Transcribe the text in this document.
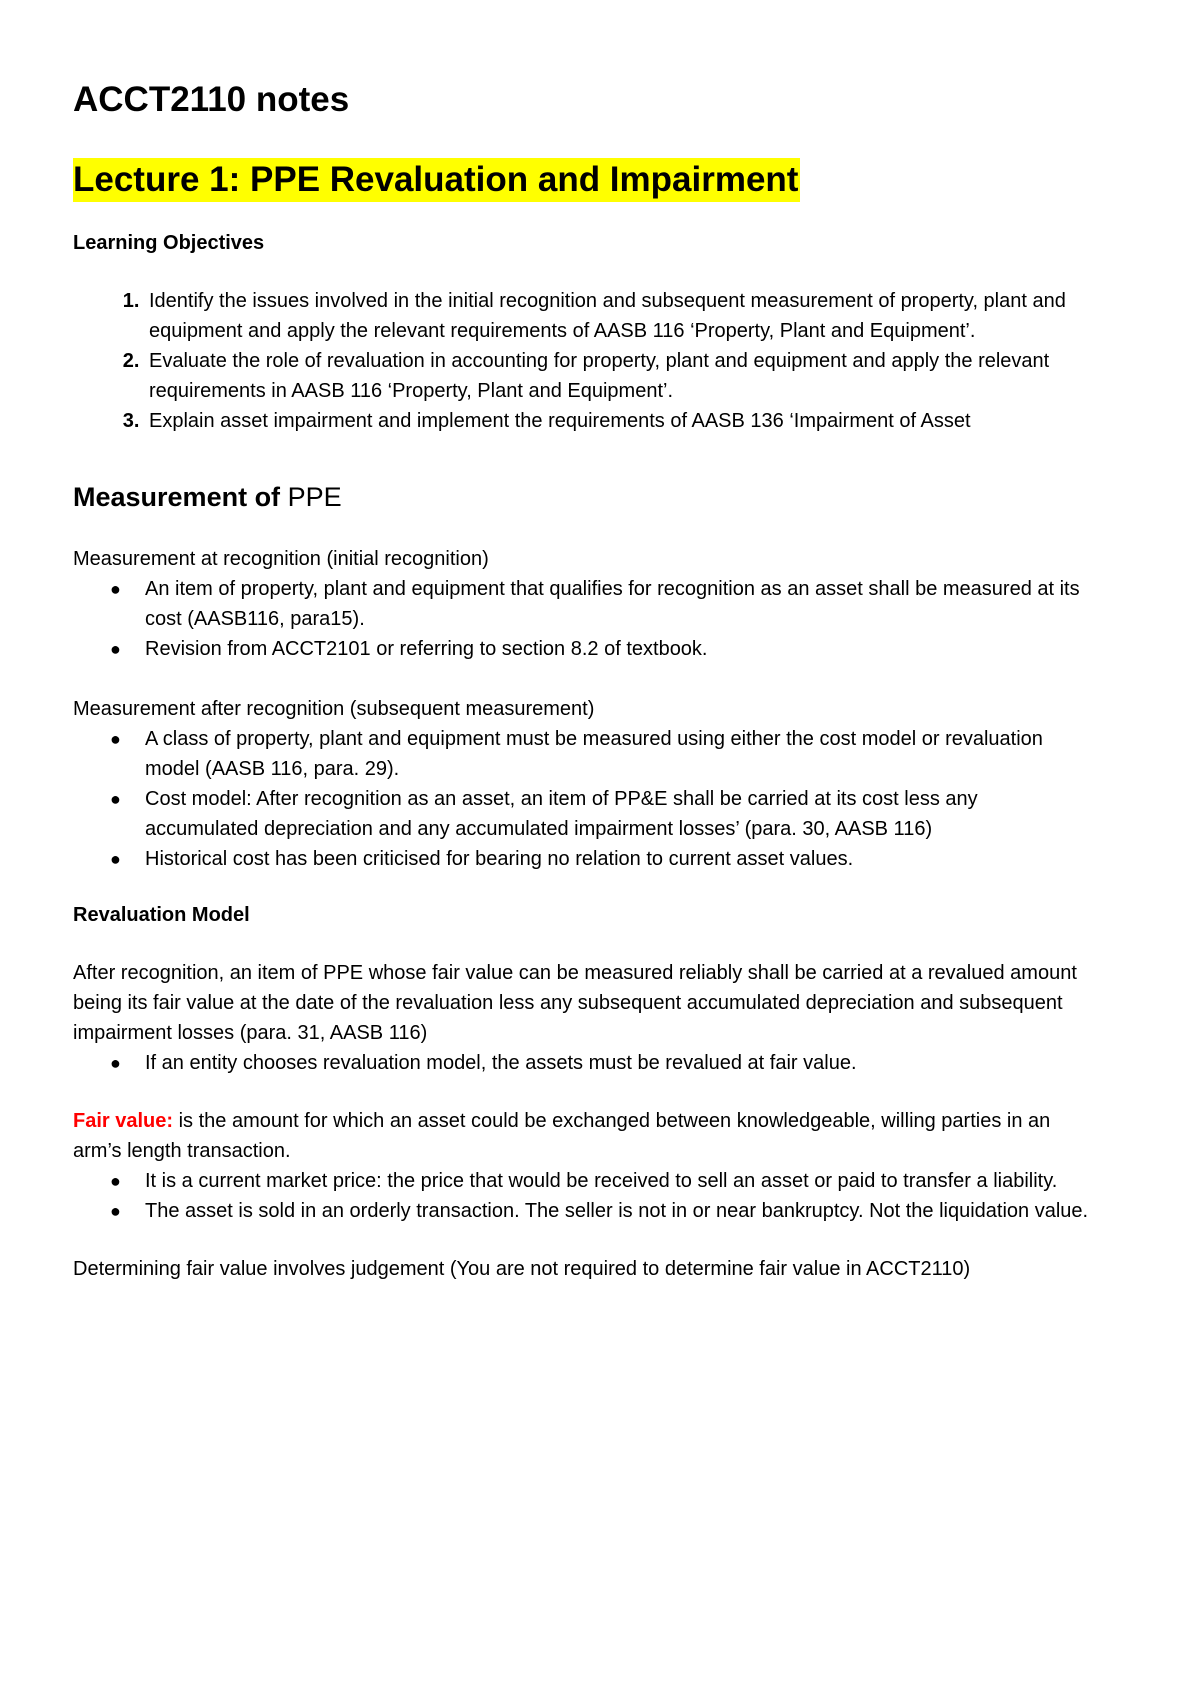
ACCT2110 notes
Lecture 1: PPE Revaluation and Impairment

Learning Objectives

1. Identify the issues involved in the initial recognition and subsequent measurement of property, plant and equipment and apply the relevant requirements of AASB 116 ‘Property, Plant and Equipment’.
2. Evaluate the role of revaluation in accounting for property, plant and equipment and apply the relevant requirements in AASB 116 ‘Property, Plant and Equipment’.
3. Explain asset impairment and implement the requirements of AASB 136 ‘Impairment of Asset
Measurement of PPE

Measurement at recognition (initial recognition)

● An item of property, plant and equipment that qualifies for recognition as an asset shall be measured at its cost (AASB116, para15).
● Revision from ACCT2101 or referring to section 8.2 of textbook.

Measurement after recognition (subsequent measurement)

● A class of property, plant and equipment must be measured using either the cost model or revaluation model (AASB 116, para. 29).
● Cost model: After recognition as an asset, an item of PP&E shall be carried at its cost less any accumulated depreciation and any accumulated impairment losses’ (para. 30, AASB 116)
● Historical cost has been criticised for bearing no relation to current asset values.

Revaluation Model

After recognition, an item of PPE whose fair value can be measured reliably shall be carried at a revalued amount being its fair value at the date of the revaluation less any subsequent accumulated depreciation and subsequent impairment losses (para. 31, AASB 116)

● If an entity chooses revaluation model, the assets must be revalued at fair value.

Fair value: is the amount for which an asset could be exchanged between knowledgeable, willing parties in an arm’s length transaction.

● It is a current market price: the price that would be received to sell an asset or paid to transfer a liability.
● The asset is sold in an orderly transaction. The seller is not in or near bankruptcy. Not the liquidation value.

Determining fair value involves judgement (You are not required to determine fair value in ACCT2110)
